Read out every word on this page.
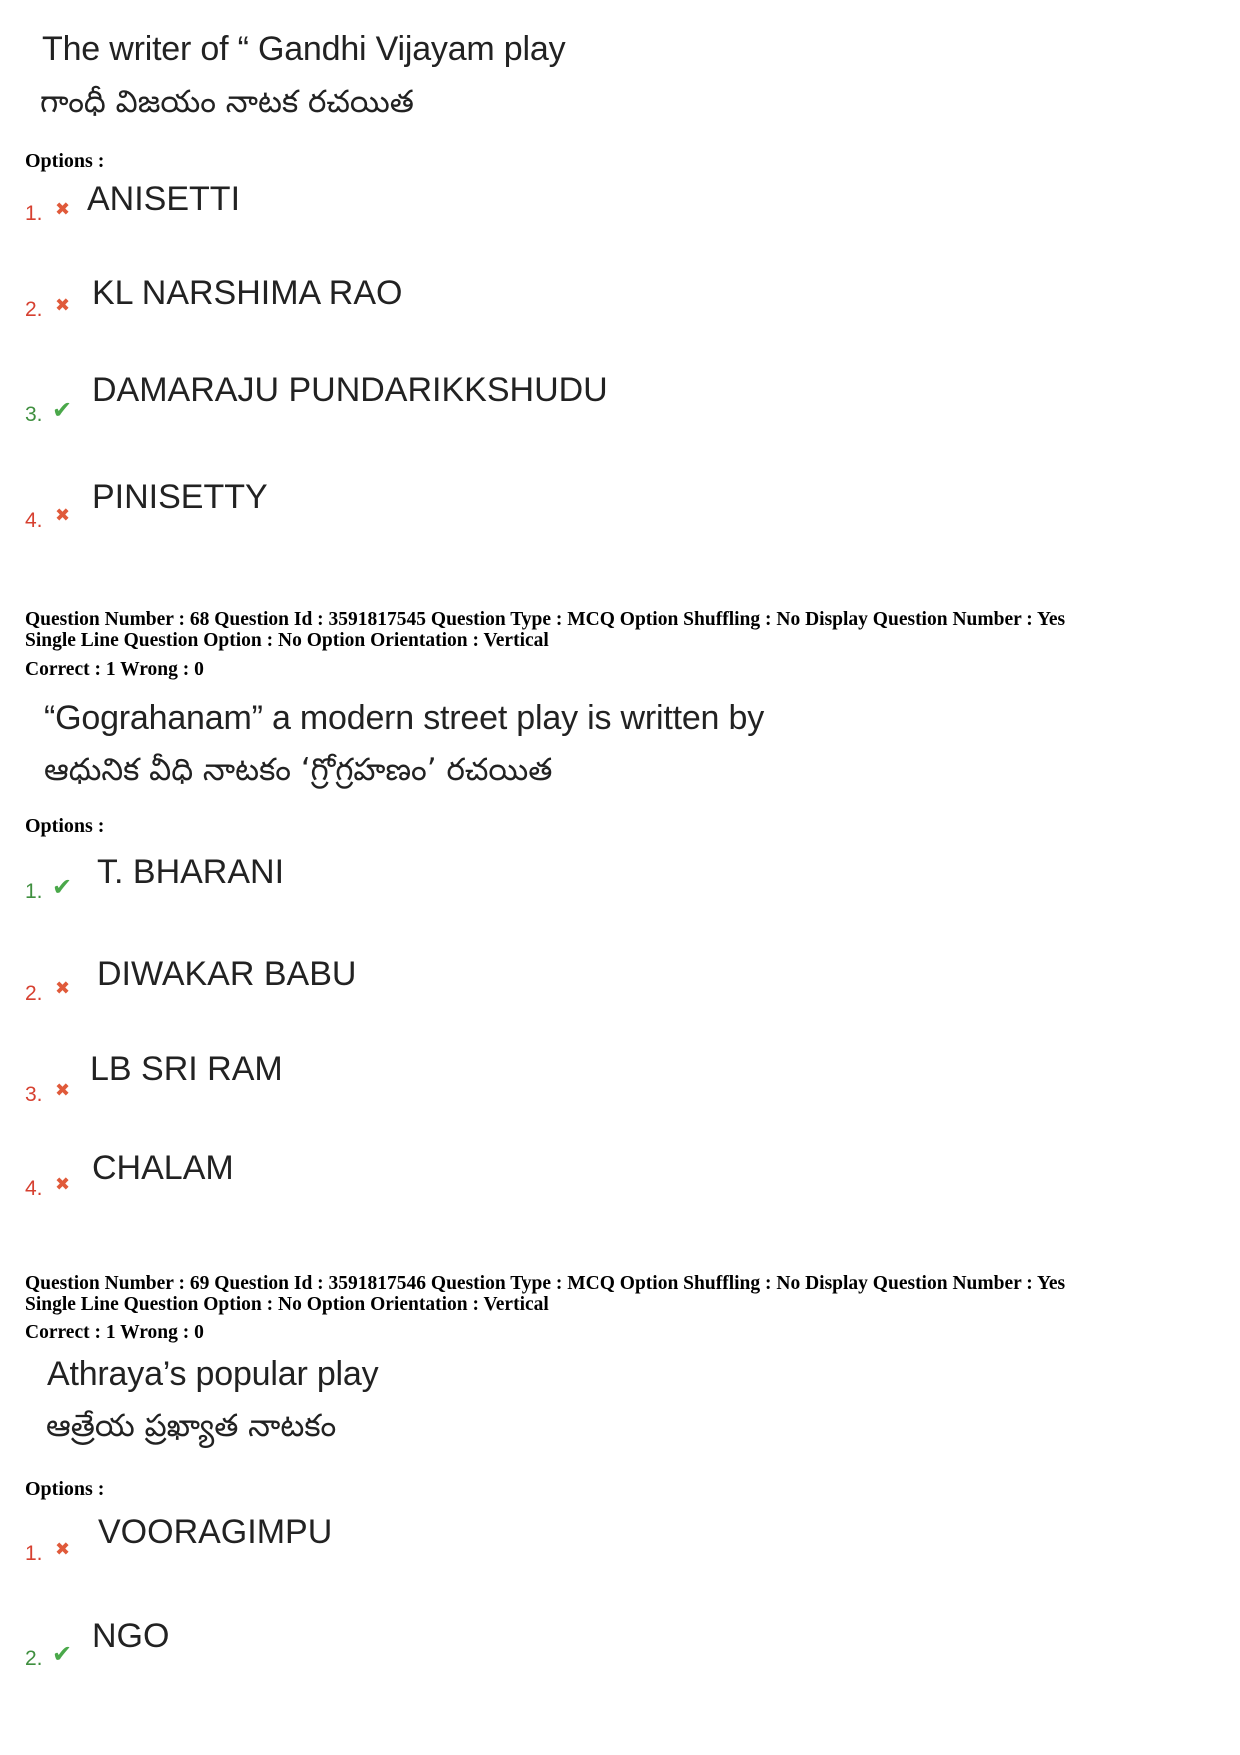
The writer of “ Gandhi Vijayam play
గాంధీ విజయం నాటక రచయిత
Options :
1. ✖ ANISETTI
2. ✖ KL NARSHIMA RAO
3. ✔
DAMARAJU PUNDARIKKSHUDU
4. ✖ PINISETTY
Question Number : 68 Question Id : 3591817545 Question Type : MCQ Option Shuffling : No Display Question Number : Yes
Single Line Question Option : No Option Orientation : Vertical
Correct : 1 Wrong : 0
“Gograhanam” a modern street play is written by
ఆధునిక వీధి నాటకం ‘గ్రోగ్రహణం’ రచయిత
Options :
1. ✔ T. BHARANI
2. ✖ DIWAKAR BABU
3. ✖
LB SRI RAM
4. ✖ CHALAM
Question Number : 69 Question Id : 3591817546 Question Type : MCQ Option Shuffling : No Display Question Number : Yes
Single Line Question Option : No Option Orientation : Vertical
Correct : 1 Wrong : 0
Athraya’s popular play
ఆత్రేయ ప్రఖ్యాత నాటకం
Options :
1. ✖ VOORAGIMPU
2. ✔ NGO
